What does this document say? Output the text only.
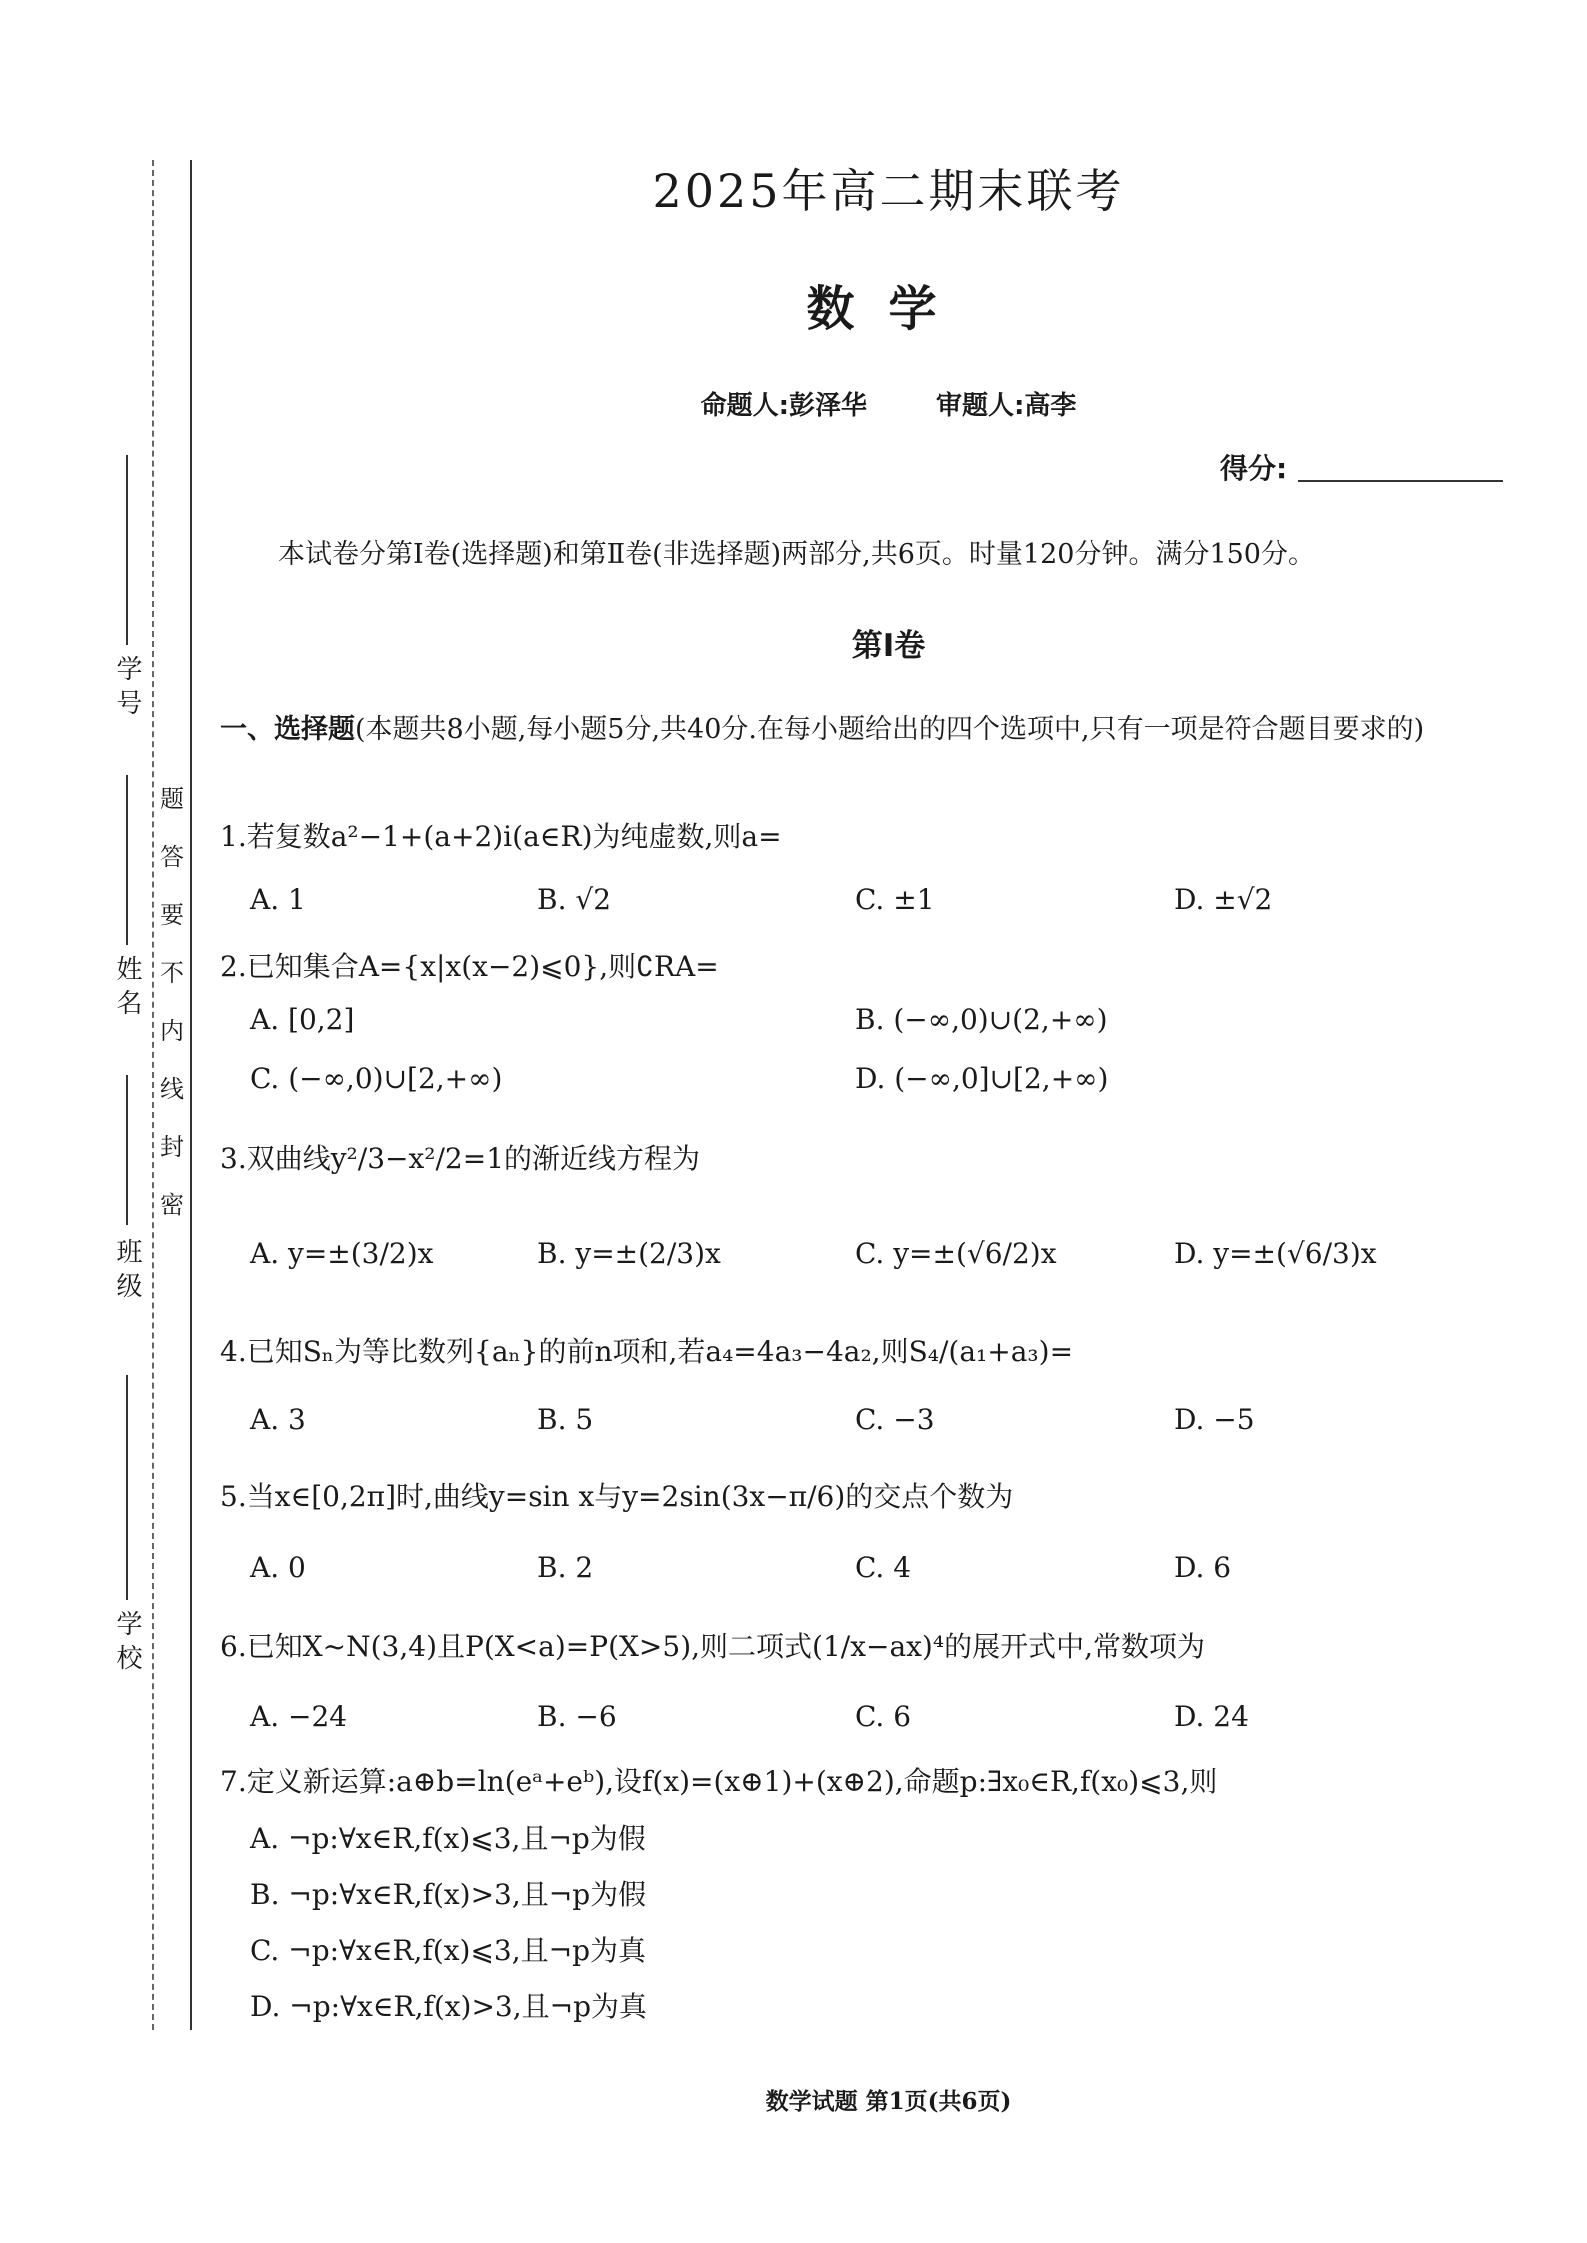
学 号
姓 名
班 级
学 校
题
答
要
不
内
线
封
密
2025年高二期末联考
数学
命题人:彭泽华	审题人:高李
得分:
本试卷分第Ⅰ卷(选择题)和第Ⅱ卷(非选择题)两部分,共6页。时量120分钟。满分150分。
第Ⅰ卷
一、选择题(本题共8小题,每小题5分,共40分.在每小题给出的四个选项中,只有一项是符合题目要求的)
1.若复数a²−1+(a+2)i(a∈R)为纯虚数,则a=
A. 1	B. √2	C. ±1	D. ±√2
2.已知集合A={x|x(x−2)⩽0},则∁RA=
A. [0,2]	B. (−∞,0)∪(2,+∞)
C. (−∞,0)∪[2,+∞)	D. (−∞,0]∪[2,+∞)
3.双曲线y²/3−x²/2=1的渐近线方程为
A. y=±(3/2)x	B. y=±(2/3)x	C. y=±(√6/2)x	D. y=±(√6/3)x
4.已知Sₙ为等比数列{aₙ}的前n项和,若a₄=4a₃−4a₂,则S₄/(a₁+a₃)=
A. 3	B. 5	C. −3	D. −5
5.当x∈[0,2π]时,曲线y=sin x与y=2sin(3x−π/6)的交点个数为
A. 0	B. 2	C. 4	D. 6
6.已知X~N(3,4)且P(X<a)=P(X>5),则二项式(1/x−ax)⁴的展开式中,常数项为
A. −24	B. −6	C. 6	D. 24
7.定义新运算:a⊕b=ln(eᵃ+eᵇ),设f(x)=(x⊕1)+(x⊕2),命题p:∃x₀∈R,f(x₀)⩽3,则
A. ¬p:∀x∈R,f(x)⩽3,且¬p为假
B. ¬p:∀x∈R,f(x)>3,且¬p为假
C. ¬p:∀x∈R,f(x)⩽3,且¬p为真
D. ¬p:∀x∈R,f(x)>3,且¬p为真
数学试题 第1页(共6页)
